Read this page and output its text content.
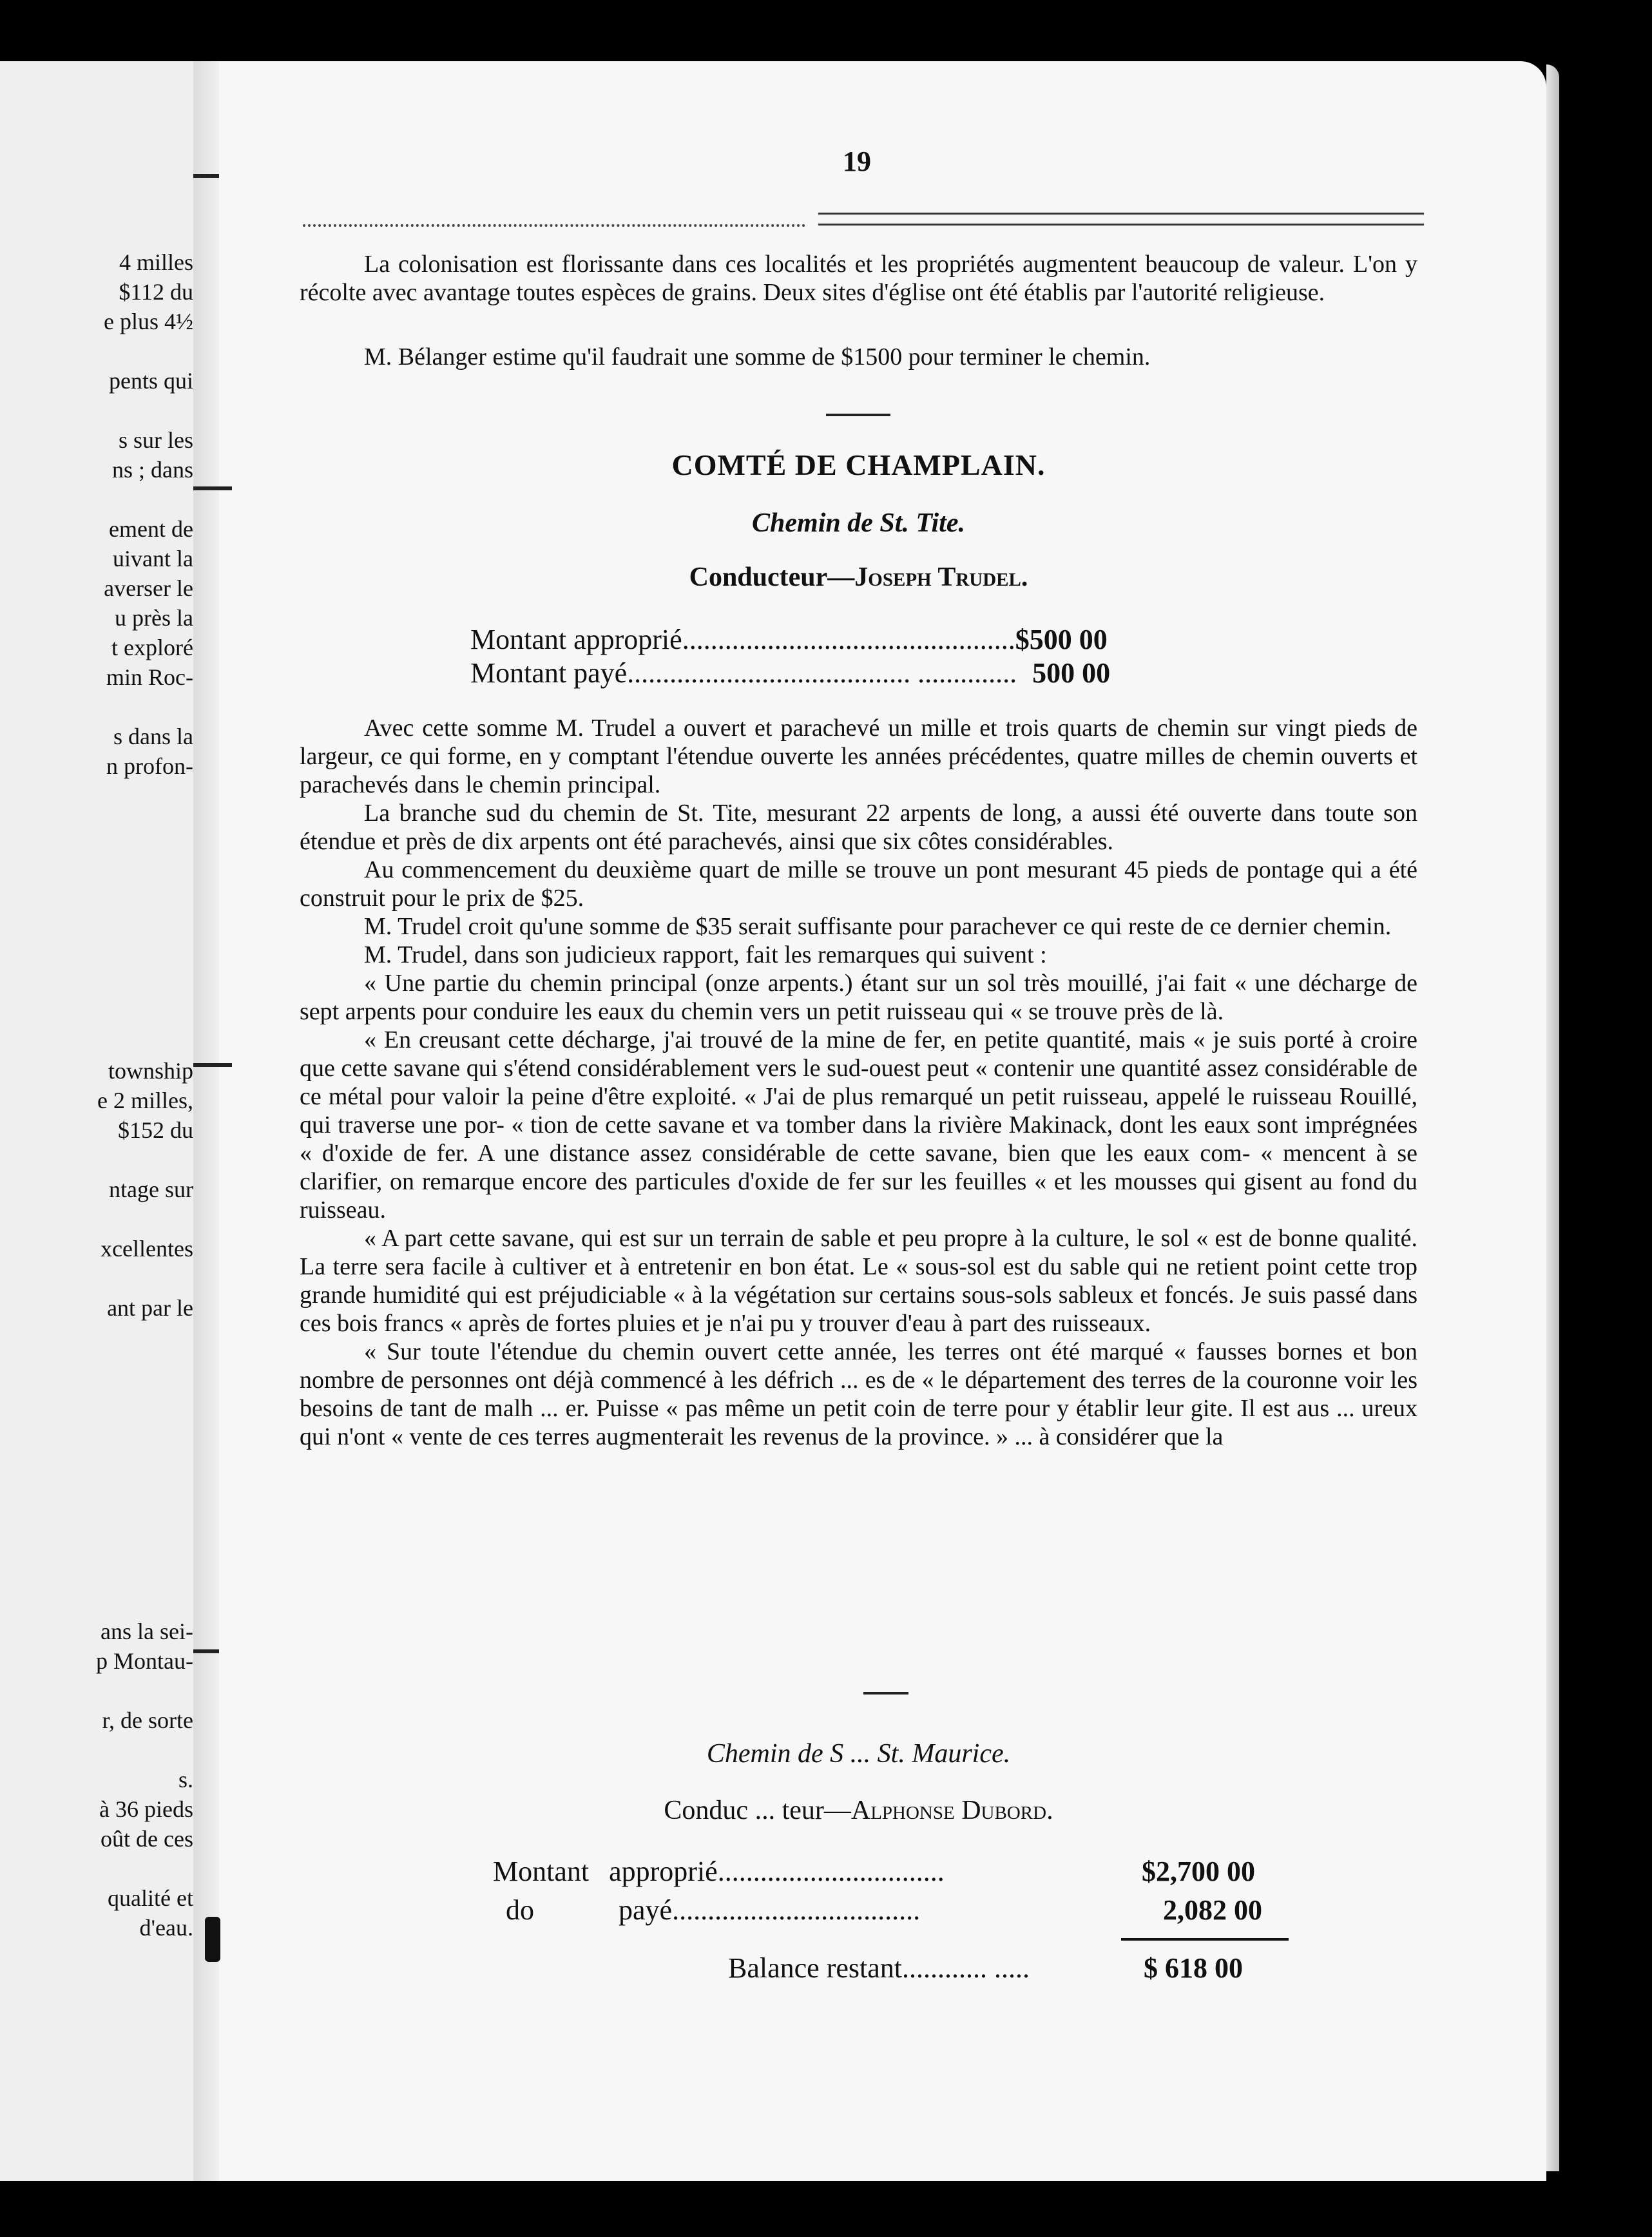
4 milles
$112 du
e plus 4½
pents qui
s sur les
ns ; dans
ement de
uivant la
averser le
u près la
t exploré
min Roc-
s dans la
n profon-
township
e 2 milles,
$152 du
ntage sur
xcellentes
ant par le
ans la sei-
p Montau-
r, de sorte
s.
à 36 pieds
oût de ces
qualité et
d'eau.
19
La colonisation est florissante dans ces localités et les propriétés augmentent beaucoup de valeur. L'on y récolte avec avantage toutes espèces de grains. Deux sites d'église ont été établis par l'autorité religieuse.
M. Bélanger estime qu'il faudrait une somme de $1500 pour terminer le chemin.
COMTÉ DE CHAMPLAIN.
Chemin de St. Tite.
Conducteur—Joseph Trudel.
Montant approprié...............................................$500 00
Montant payé........................................ .............. 500 00
Avec cette somme M. Trudel a ouvert et parachevé un mille et trois quarts de chemin sur vingt pieds de largeur, ce qui forme, en y comptant l'étendue ouverte les années précédentes, quatre milles de chemin ouverts et parachevés dans le chemin principal.
La branche sud du chemin de St. Tite, mesurant 22 arpents de long, a aussi été ouverte dans toute son étendue et près de dix arpents ont été parachevés, ainsi que six côtes considérables.
Au commencement du deuxième quart de mille se trouve un pont mesurant 45 pieds de pontage qui a été construit pour le prix de $25.
M. Trudel croit qu'une somme de $35 serait suffisante pour parachever ce qui reste de ce dernier chemin.
M. Trudel, dans son judicieux rapport, fait les remarques qui suivent :
« Une partie du chemin principal (onze arpents.) étant sur un sol très mouillé, j'ai fait « une décharge de sept arpents pour conduire les eaux du chemin vers un petit ruisseau qui « se trouve près de là.
« En creusant cette décharge, j'ai trouvé de la mine de fer, en petite quantité, mais « je suis porté à croire que cette savane qui s'étend considérablement vers le sud-ouest peut « contenir une quantité assez considérable de ce métal pour valoir la peine d'être exploité. « J'ai de plus remarqué un petit ruisseau, appelé le ruisseau Rouillé, qui traverse une por- « tion de cette savane et va tomber dans la rivière Makinack, dont les eaux sont imprégnées « d'oxide de fer. A une distance assez considérable de cette savane, bien que les eaux com- « mencent à se clarifier, on remarque encore des particules d'oxide de fer sur les feuilles « et les mousses qui gisent au fond du ruisseau.
« A part cette savane, qui est sur un terrain de sable et peu propre à la culture, le sol « est de bonne qualité. La terre sera facile à cultiver et à entretenir en bon état. Le « sous-sol est du sable qui ne retient point cette trop grande humidité qui est préjudiciable « à la végétation sur certains sous-sols sableux et foncés. Je suis passé dans ces bois francs « après de fortes pluies et je n'ai pu y trouver d'eau à part des ruisseaux.
« Sur toute l'étendue du chemin ouvert cette année, les terres ont été marqué « fausses bornes et bon nombre de personnes ont déjà commencé à les défrich ... es de « le département des terres de la couronne voir les besoins de tant de malh ... er. Puisse « pas même un petit coin de terre pour y établir leur gite. Il est aus ... ureux qui n'ont « vente de ces terres augmenterait les revenus de la province. » ... à considérer que la
Chemin de S ... St. Maurice.
Conduc ... teur—Alphonse Dubord.
Montant approprié................................	$2,700 00
do	payé...................................	2,082 00
Balance restant............ .....	$ 618 00
